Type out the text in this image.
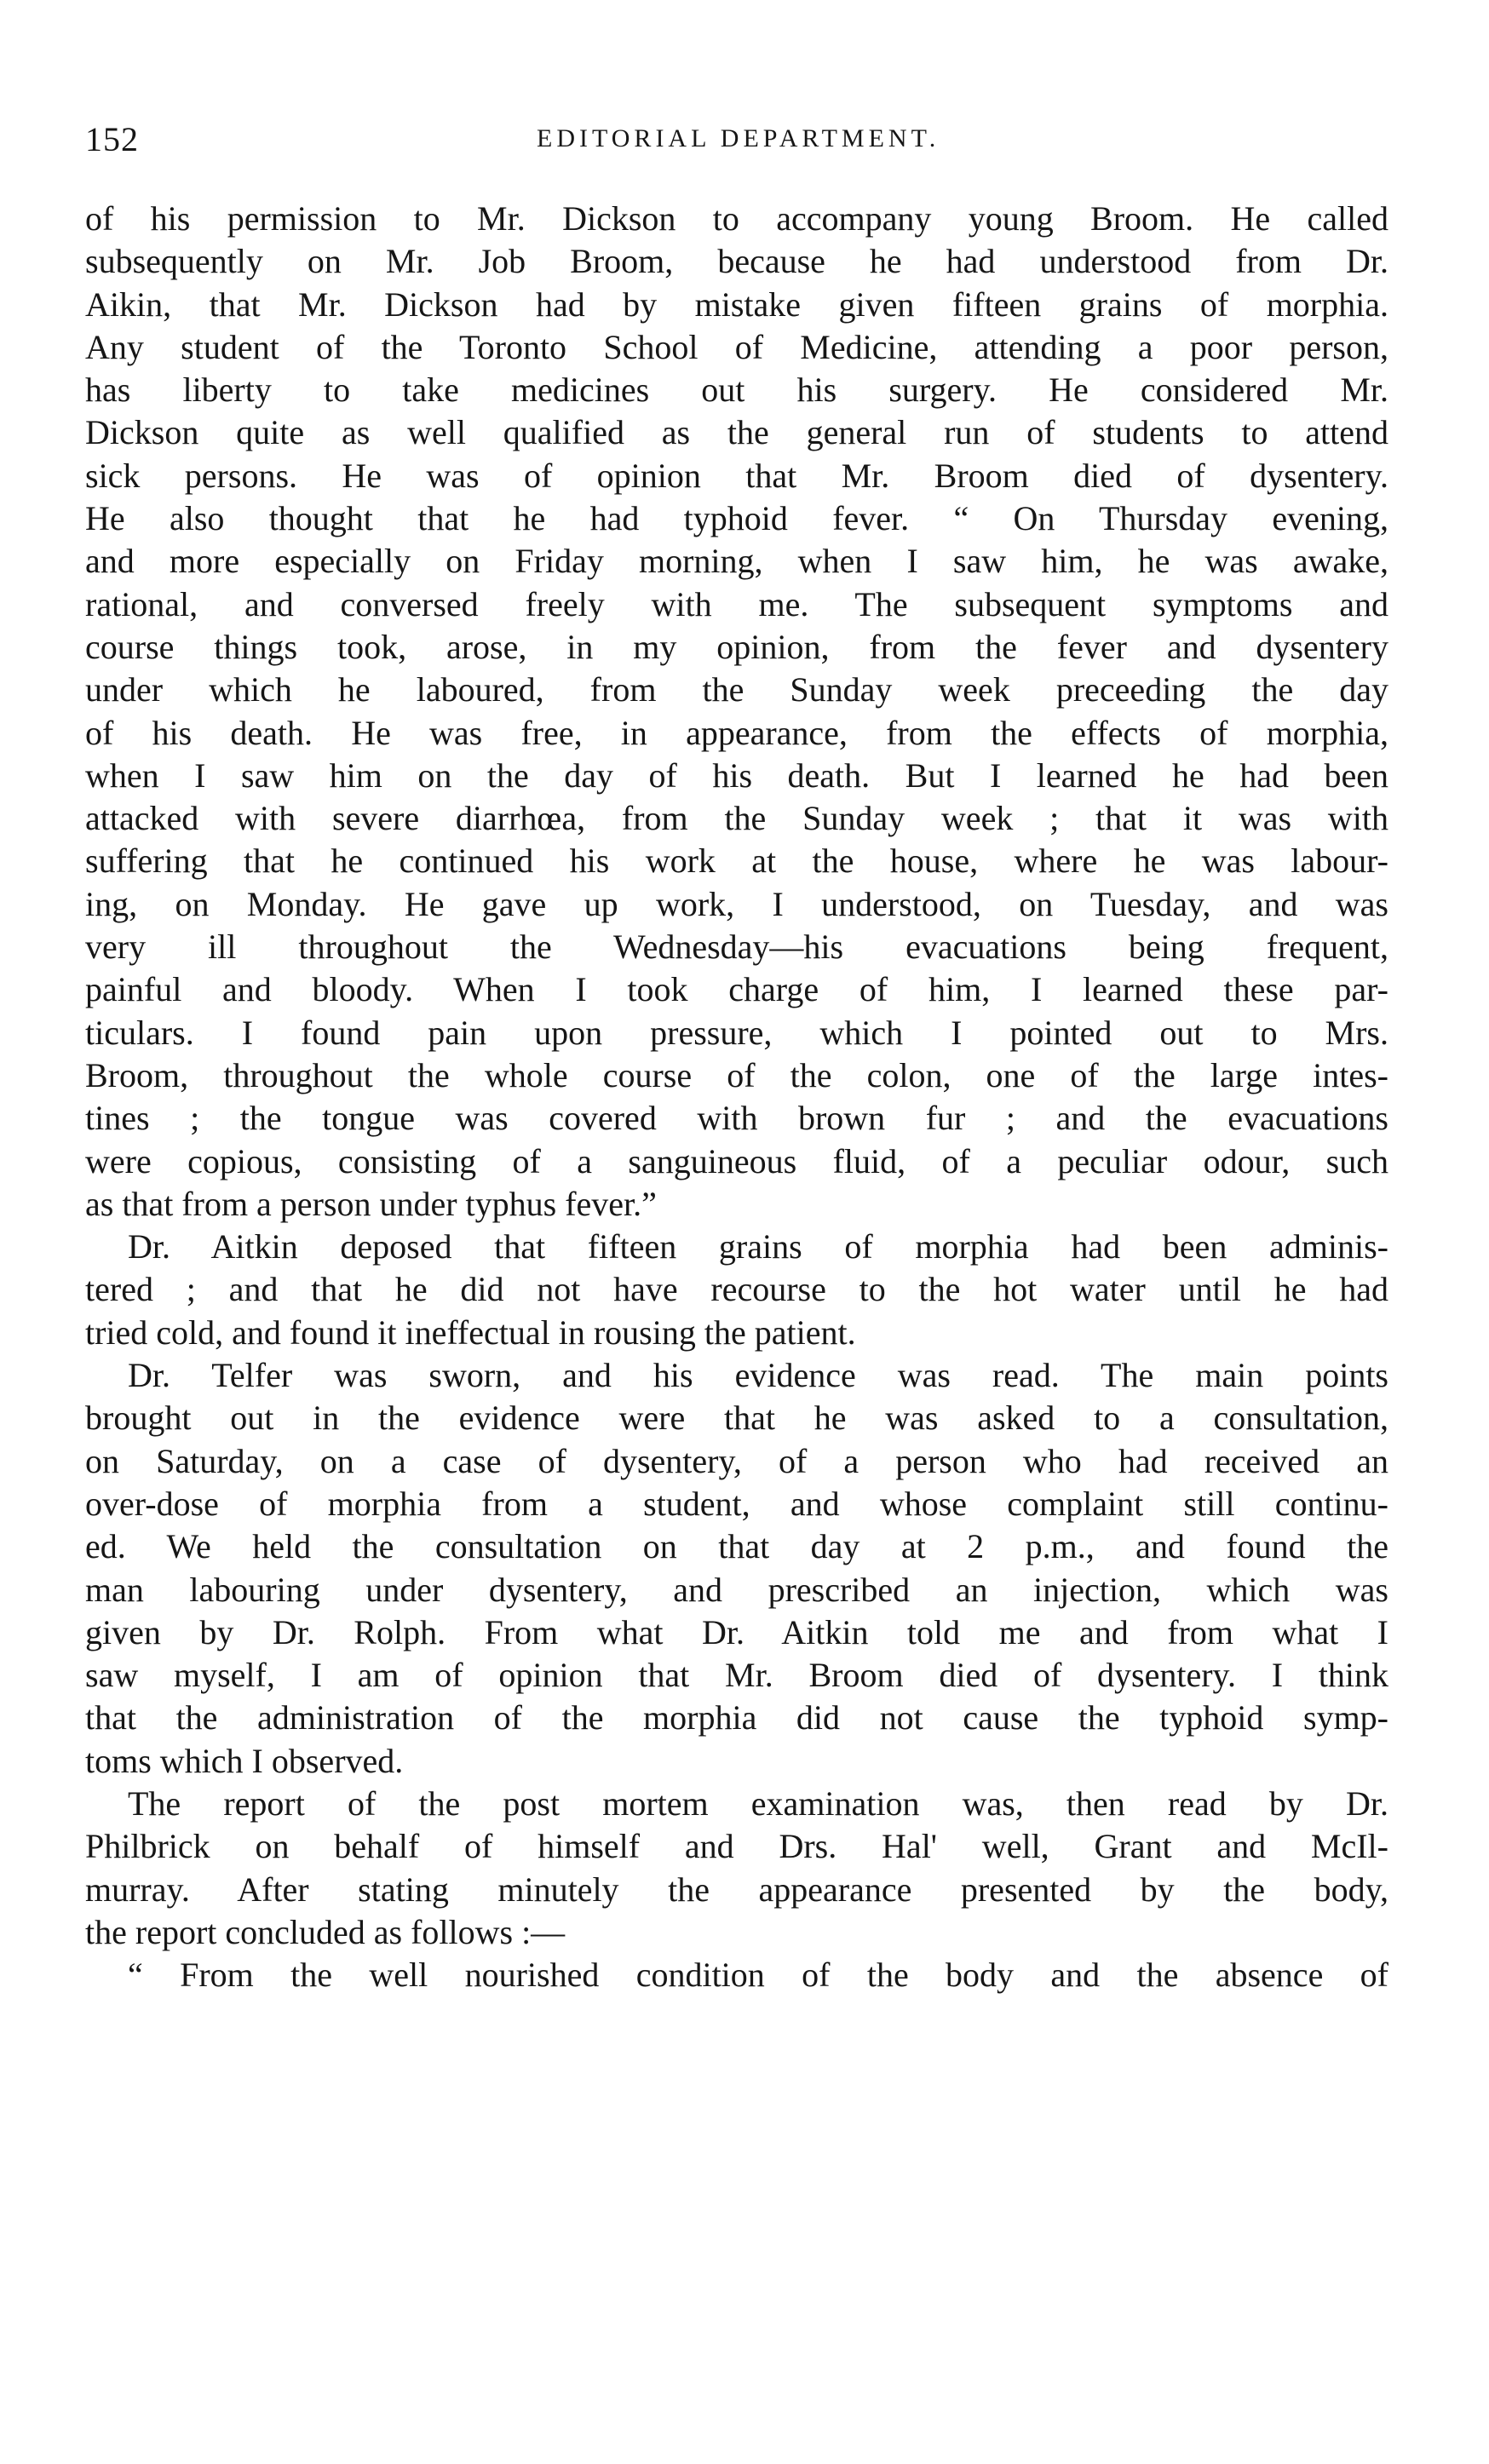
152	EDITORIAL DEPARTMENT.

of his permission to Mr. Dickson to accompany young Broom. He called
subsequently on Mr. Job Broom, because he had understood from Dr.
Aikin, that Mr. Dickson had by mistake given fifteen grains of morphia.
Any student of the Toronto School of Medicine, attending a poor person,
has liberty to take medicines out his surgery. He considered Mr.
Dickson quite as well qualified as the general run of students to attend
sick persons. He was of opinion that Mr. Broom died of dysentery.
He also thought that he had typhoid fever. “ On Thursday evening,
and more especially on Friday morning, when I saw him, he was awake,
rational, and conversed freely with me. The subsequent symptoms and
course things took, arose, in my opinion, from the fever and dysentery
under which he laboured, from the Sunday week preceeding the day
of his death. He was free, in appearance, from the effects of morphia,
when I saw him on the day of his death. But I learned he had been
attacked with severe diarrhœa, from the Sunday week ; that it was with
suffering that he continued his work at the house, where he was labour-
ing, on Monday. He gave up work, I understood, on Tuesday, and was
very ill throughout the Wednesday—his evacuations being frequent,
painful and bloody. When I took charge of him, I learned these par-
ticulars. I found pain upon pressure, which I pointed out to Mrs.
Broom, throughout the whole course of the colon, one of the large intes-
tines ; the tongue was covered with brown fur ; and the evacuations
were copious, consisting of a sanguineous fluid, of a peculiar odour, such
as that from a person under typhus fever.”

Dr. Aitkin deposed that fifteen grains of morphia had been adminis-
tered ; and that he did not have recourse to the hot water until he had
tried cold, and found it ineffectual in rousing the patient.

Dr. Telfer was sworn, and his evidence was read. The main points
brought out in the evidence were that he was asked to a consultation,
on Saturday, on a case of dysentery, of a person who had received an
over-dose of morphia from a student, and whose complaint still continu-
ed. We held the consultation on that day at 2 p.m., and found the
man labouring under dysentery, and prescribed an injection, which was
given by Dr. Rolph. From what Dr. Aitkin told me and from what I
saw myself, I am of opinion that Mr. Broom died of dysentery. I think
that the administration of the morphia did not cause the typhoid symp-
toms which I observed.

The report of the post mortem examination was, then read by Dr.
Philbrick on behalf of himself and Drs. Hal' well, Grant and McIl-
murray. After stating minutely the appearance presented by the body,
the report concluded as follows :—

“ From the well nourished condition of the body and the absence of
